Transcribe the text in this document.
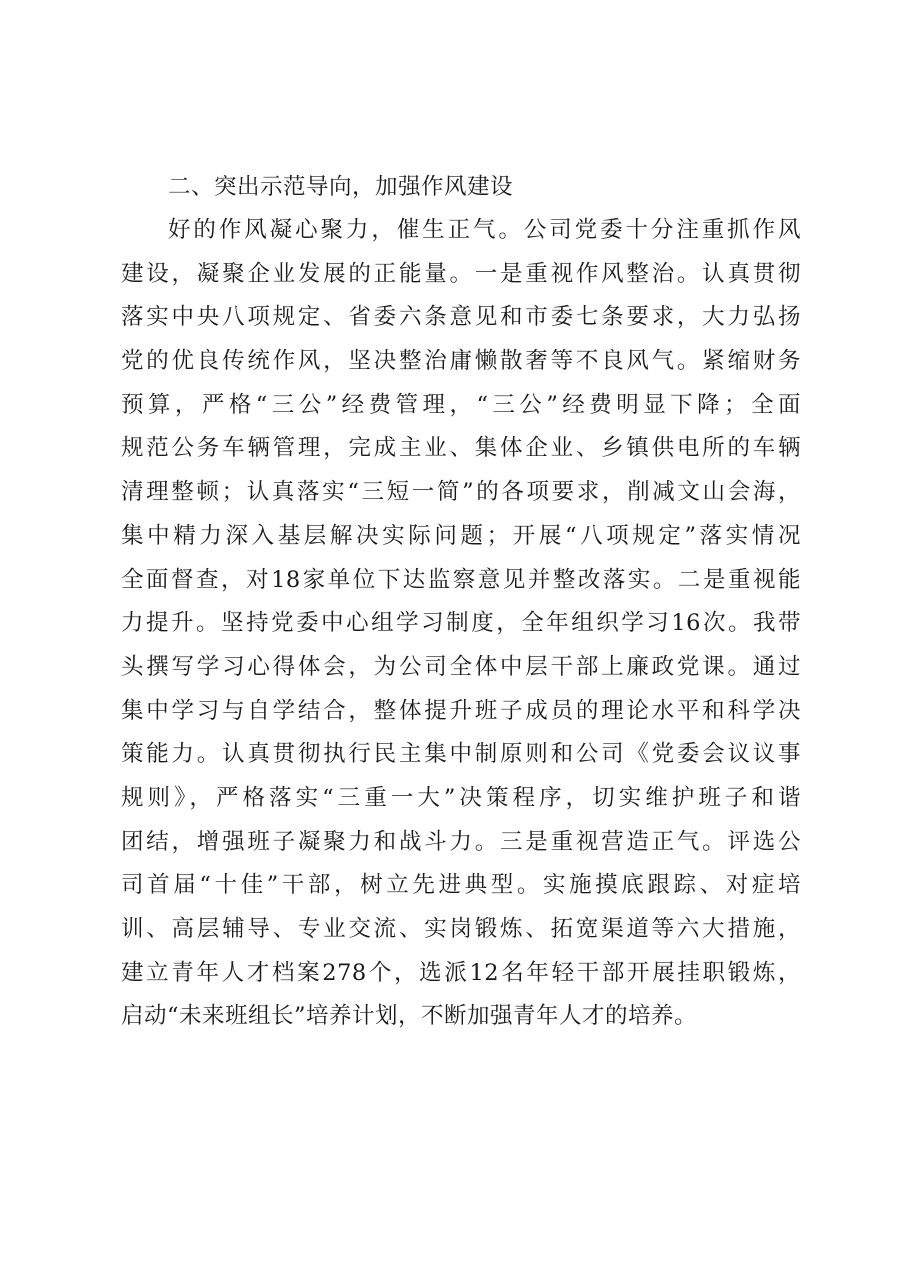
二、突出示范导向，加强作风建设
好的作风凝心聚力，催生正气。公司党委十分注重抓作风
建设，凝聚企业发展的正能量。一是重视作风整治。认真贯彻
落实中央八项规定、省委六条意见和市委七条要求，大力弘扬
党的优良传统作风，坚决整治庸懒散奢等不良风气。紧缩财务
预算，严格“三公”经费管理，“三公”经费明显下降；全面
规范公务车辆管理，完成主业、集体企业、乡镇供电所的车辆
清理整顿；认真落实“三短一简”的各项要求，削减文山会海，
集中精力深入基层解决实际问题；开展“八项规定”落实情况
全面督查，对18家单位下达监察意见并整改落实。二是重视能
力提升。坚持党委中心组学习制度，全年组织学习16次。我带
头撰写学习心得体会，为公司全体中层干部上廉政党课。通过
集中学习与自学结合，整体提升班子成员的理论水平和科学决
策能力。认真贯彻执行民主集中制原则和公司《党委会议议事
规则》，严格落实“三重一大”决策程序，切实维护班子和谐
团结，增强班子凝聚力和战斗力。三是重视营造正气。评选公
司首届“十佳”干部，树立先进典型。实施摸底跟踪、对症培
训、高层辅导、专业交流、实岗锻炼、拓宽渠道等六大措施，
建立青年人才档案278个，选派12名年轻干部开展挂职锻炼，
启动“未来班组长”培养计划，不断加强青年人才的培养。
